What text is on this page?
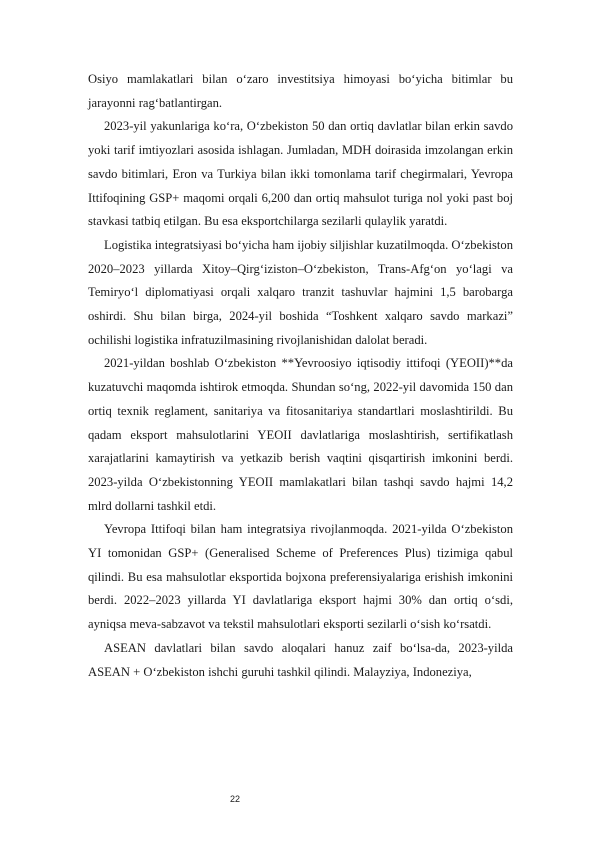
Osiyo mamlakatlari bilan o‘zaro investitsiya himoyasi bo‘yicha bitimlar bu jarayonni rag‘batlantirgan.

2023-yil yakunlariga ko‘ra, O‘zbekiston 50 dan ortiq davlatlar bilan erkin savdo yoki tarif imtiyozlari asosida ishlagan. Jumladan, MDH doirasida imzolangan erkin savdo bitimlari, Eron va Turkiya bilan ikki tomonlama tarif chegirmalari, Yevropa Ittifoqining GSP+ maqomi orqali 6,200 dan ortiq mahsulot turiga nol yoki past boj stavkasi tatbiq etilgan. Bu esa eksportchilarga sezilarli qulaylik yaratdi.

Logistika integratsiyasi bo‘yicha ham ijobiy siljishlar kuzatilmoqda. O‘zbekiston 2020–2023 yillarda Xitoy–Qirg‘iziston–O‘zbekiston, Trans-Afg‘on yo‘lagi va Temiryo‘l diplomatiyasi orqali xalqaro tranzit tashuvlar hajmini 1,5 barobarga oshirdi. Shu bilan birga, 2024-yil boshida “Toshkent xalqaro savdo markazi” ochilishi logistika infratuzilmasining rivojlanishidan dalolat beradi.

2021-yildan boshlab O‘zbekiston **Yevroosiyo iqtisodiy ittifoqi (YEOII)**da kuzatuvchi maqomda ishtirok etmoqda. Shundan so‘ng, 2022-yil davomida 150 dan ortiq texnik reglament, sanitariya va fitosanitariya standartlari moslashtirildi. Bu qadam eksport mahsulotlarini YEOII davlatlariga moslashtirish, sertifikatlash xarajatlarini kamaytirish va yetkazib berish vaqtini qisqartirish imkonini berdi. 2023-yilda O‘zbekistonning YEOII mamlakatlari bilan tashqi savdo hajmi 14,2 mlrd dollarni tashkil etdi.

Yevropa Ittifoqi bilan ham integratsiya rivojlanmoqda. 2021-yilda O‘zbekiston YI tomonidan GSP+ (Generalised Scheme of Preferences Plus) tizimiga qabul qilindi. Bu esa mahsulotlar eksportida bojxona preferensiyalariga erishish imkonini berdi. 2022–2023 yillarda YI davlatlariga eksport hajmi 30% dan ortiq o‘sdi, ayniqsa meva-sabzavot va tekstil mahsulotlari eksporti sezilarli o‘sish ko‘rsatdi.

ASEAN davlatlari bilan savdo aloqalari hanuz zaif bo‘lsa-da, 2023-yilda ASEAN + O‘zbekiston ishchi guruhi tashkil qilindi. Malayziya, Indoneziya,

22
